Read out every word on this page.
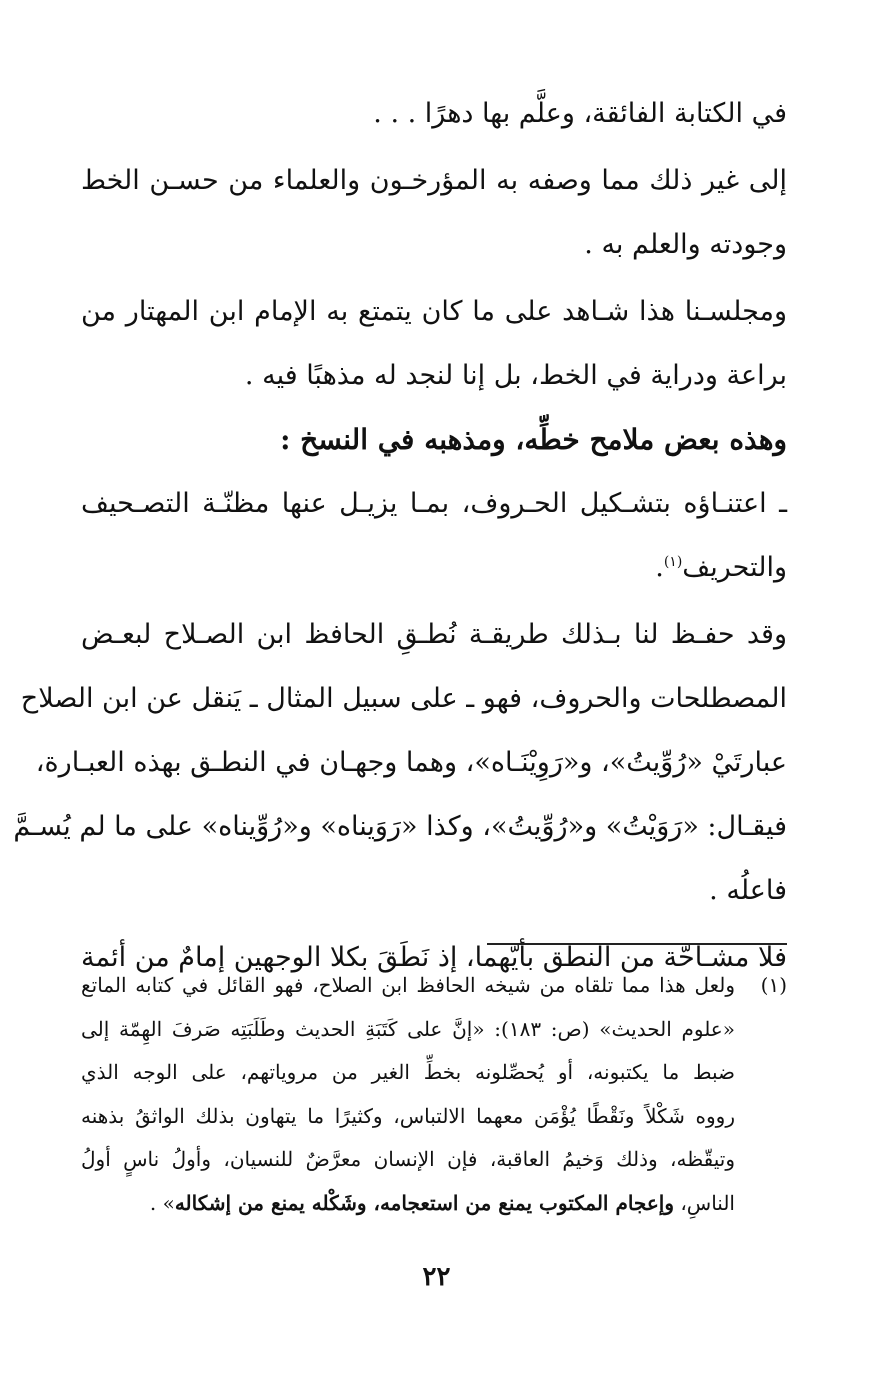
في الكتابة الفائقة، وعلَّم بها دهرًا . . .

إلى غير ذلك مما وصفه به المؤرخـون والعلماء من حسـن الخط
وجودته والعلم به .

ومجلسـنا هذا شـاهد على ما كان يتمتع به الإمام ابن المهتار من
براعة ودراية في الخط، بل إنا لنجد له مذهبًا فيه .

وهذه بعض ملامح خطِّه، ومذهبه في النسخ :

ـ اعتنـاؤه بتشـكيل الحـروف، بمـا يزيـل عنها مظنّـة التصـحيف
والتحريف$^{(١)}$.

وقد حفـظ لنا بـذلك طريقـة نُطـقِ الحافظ ابن الصـلاح لبعـض
المصطلحات والحروف، فهو ـ على سبيل المثال ـ يَنقل عن ابن الصلاح
عبارتَيْ «رُوِّيتُ»، و«رَوِيْنَـاه»، وهما وجهـان في النطـق بهذه العبـارة،
فيقـال: «رَوَيْتُ» و«رُوِّيتُ»، وكذا «رَوَيناه» و«رُوِّيناه» على ما لم يُسـمَّ
فاعلُه .

فلا مشـاحّة من النطق بأيّهما، إذ نَطَقَ بكلا الوجهين إمامٌ من أئمة

(١)
ولعل هذا مما تلقاه من شيخه الحافظ ابن الصلاح، فهو القائل في كتابه الماتع
«علوم الحديث» (ص: ١٨٣): «إنَّ على كَتَبَةِ الحديث وطَلَبَتِه صَرفَ الهِمّة إلى
ضبط ما يكتبونه، أو يُحصِّلونه بخطِّ الغير من مروياتهم، على الوجه الذي
رووه شَكْلاً ونَقْطًا يُؤْمَن معهما الالتباس، وكثيرًا ما يتهاون بذلك الواثقُ بذهنه
وتيقّظه، وذلك وَخيمُ العاقبة، فإن الإنسان معرَّضٌ للنسيان، وأولُ ناسٍ أولُ
الناسِ، وإعجام المكتوب يمنع من استعجامه، وشَكْله يمنع من إشكاله» .
٢٢
